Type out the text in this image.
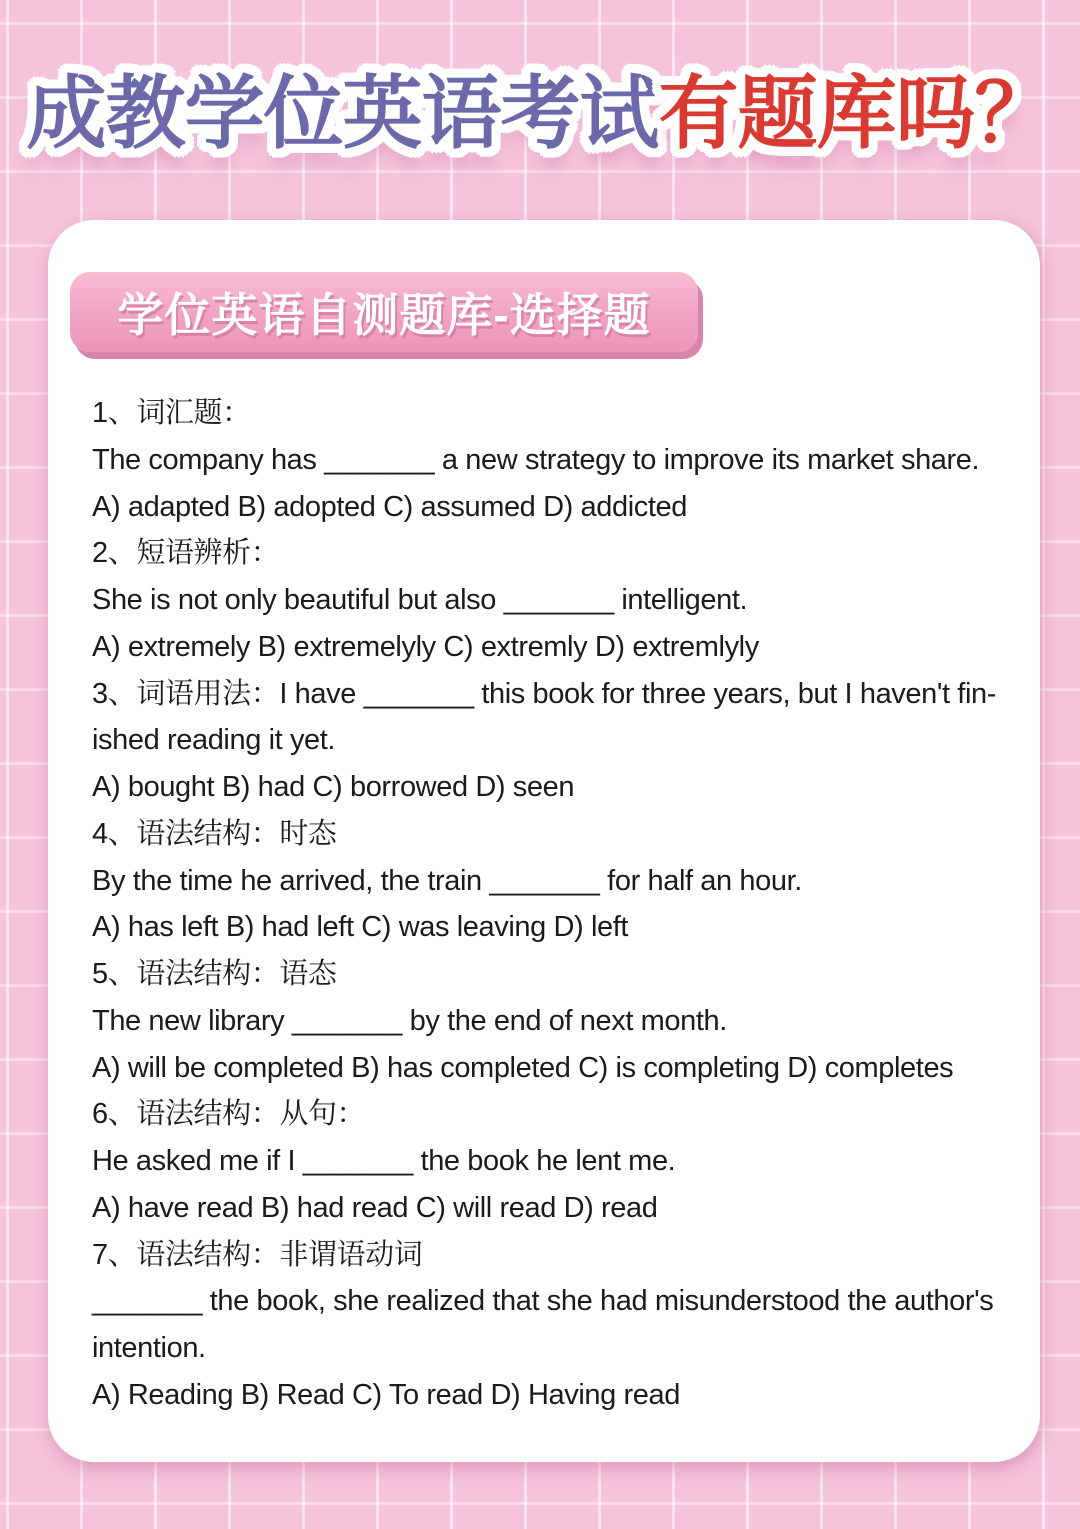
成教学位英语考试有题库吗？
学位英语自测题库-选择题
1、词汇题：
The company has _______ a new strategy to improve its market share.
A) adapted B) adopted C) assumed D) addicted
2、短语辨析：
She is not only beautiful but also _______ intelligent.
A) extremely B) extremelyly C) extremly D) extremlyly
3、词语用法：I have _______ this book for three years, but I haven't fin-
ished reading it yet.
A) bought B) had C) borrowed D) seen
4、语法结构：时态
By the time he arrived, the train _______ for half an hour.
A) has left B) had left C) was leaving D) left
5、语法结构：语态
The new library _______ by the end of next month.
A) will be completed B) has completed C) is completing D) completes
6、语法结构：从句：
He asked me if I _______ the book he lent me.
A) have read B) had read C) will read D) read
7、语法结构：非谓语动词
_______ the book, she realized that she had misunderstood the author's
intention.
A) Reading B) Read C) To read D) Having read
